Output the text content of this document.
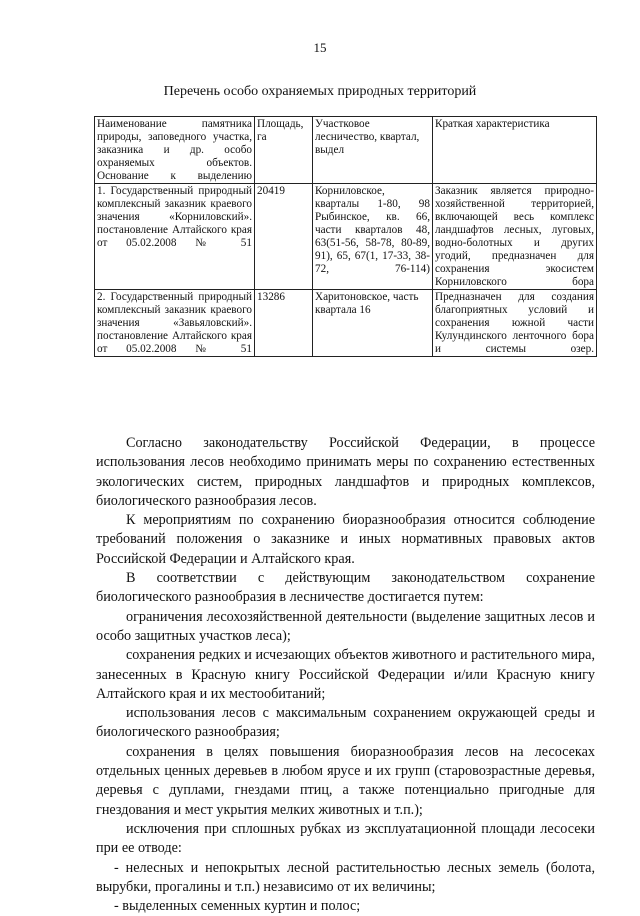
15
Перечень особо охраняемых природных территорий
Наименование памятника природы, заповедного участка, заказника и др. особо охраняемых объектов. Основание к выделению	Площадь, га	Участковое лесничество, квартал, выдел	Краткая характеристика
1. Государственный природный комплексный заказник краевого значения «Корниловский». постановление Алтайского края от 05.02.2008 № 51	20419	Корниловское, кварталы 1-80, 98 Рыбинское, кв. 66, части кварталов 48, 63(51-56, 58-78, 80-89, 91), 65, 67(1, 17-33, 38-72, 76-114)	Заказник является природно-хозяйственной территорией, включающей весь комплекс ландшафтов лесных, луговых, водно-болотных и других угодий, предназначен для сохранения экосистем Корниловского бора
2. Государственный природный комплексный заказник краевого значения «Завьяловский». постановление Алтайского края от 05.02.2008 № 51	13286	Харитоновское, часть квартала 16	Предназначен для создания благоприятных условий и сохранения южной части Кулундинского ленточного бора и системы озер.

Согласно законодательству Российской Федерации, в процессе использования лесов необходимо принимать меры по сохранению естественных экологических систем, природных ландшафтов и природных комплексов, биологического разнообразия лесов.

К мероприятиям по сохранению биоразнообразия относится соблюдение требований положения о заказнике и иных нормативных правовых актов Российской Федерации и Алтайского края.

В соответствии с действующим законодательством сохранение биологического разнообразия в лесничестве достигается путем:

ограничения лесохозяйственной деятельности (выделение защитных лесов и особо защитных участков леса);

сохранения редких и исчезающих объектов животного и растительного мира, занесенных в Красную книгу Российской Федерации и/или Красную книгу Алтайского края и их местообитаний;

использования лесов с максимальным сохранением окружающей среды и биологического разнообразия;

сохранения в целях повышения биоразнообразия лесов на лесосеках отдельных ценных деревьев в любом ярусе и их групп (старовозрастные деревья, деревья с дуплами, гнездами птиц, а также потенциально пригодные для гнездования и мест укрытия мелких животных и т.п.);

исключения при сплошных рубках из эксплуатационной площади лесосеки при ее отводе:

- нелесных и непокрытых лесной растительностью лесных земель (болота, вырубки, прогалины и т.п.) независимо от их величины;

- выделенных семенных куртин и полос;
